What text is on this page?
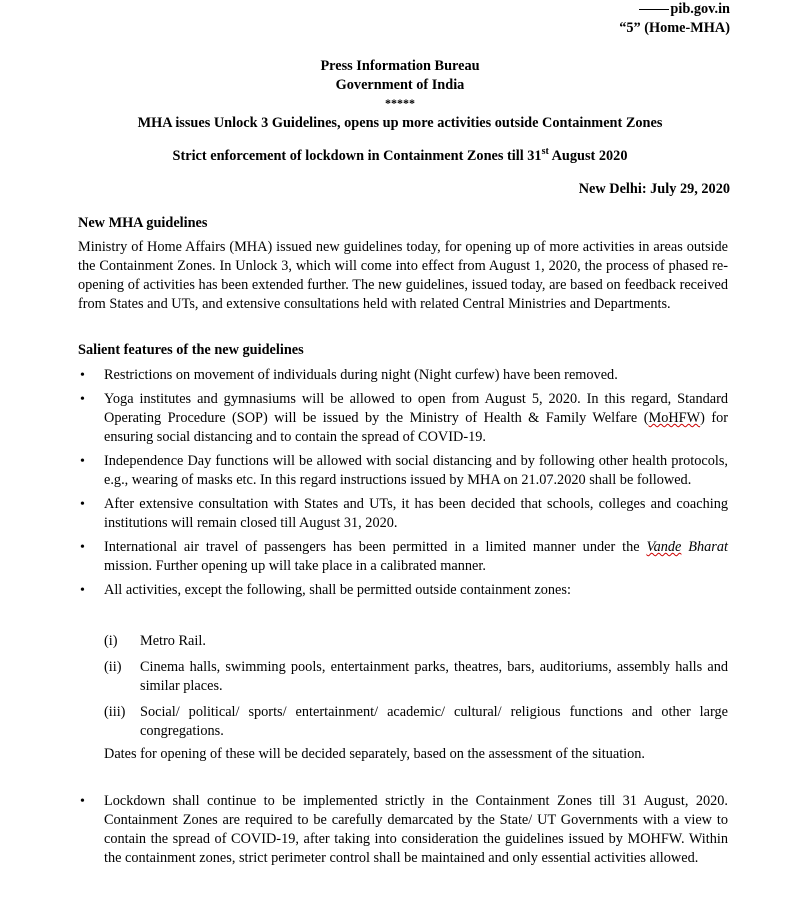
pib.gov.in
“5” (Home-MHA)
Press Information Bureau
Government of India
*****
MHA issues Unlock 3 Guidelines, opens up more activities outside Containment Zones
Strict enforcement of lockdown in Containment Zones till 31st August 2020
New Delhi: July 29, 2020
New MHA guidelines
Ministry of Home Affairs (MHA) issued new guidelines today, for opening up of more activities in areas outside the Containment Zones. In Unlock 3, which will come into effect from August 1, 2020, the process of phased re-opening of activities has been extended further. The new guidelines, issued today, are based on feedback received from States and UTs, and extensive consultations held with related Central Ministries and Departments.
Salient features of the new guidelines
• Restrictions on movement of individuals during night (Night curfew) have been removed.
• Yoga institutes and gymnasiums will be allowed to open from August 5, 2020. In this regard, Standard Operating Procedure (SOP) will be issued by the Ministry of Health & Family Welfare (MoHFW) for ensuring social distancing and to contain the spread of COVID-19.
• Independence Day functions will be allowed with social distancing and by following other health protocols, e.g., wearing of masks etc. In this regard instructions issued by MHA on 21.07.2020 shall be followed.
• After extensive consultation with States and UTs, it has been decided that schools, colleges and coaching institutions will remain closed till August 31, 2020.
• International air travel of passengers has been permitted in a limited manner under the Vande Bharat mission. Further opening up will take place in a calibrated manner.
• All activities, except the following, shall be permitted outside containment zones:
(i) Metro Rail.
(ii) Cinema halls, swimming pools, entertainment parks, theatres, bars, auditoriums, assembly halls and similar places.
(iii) Social/ political/ sports/ entertainment/ academic/ cultural/ religious functions and other large congregations.
Dates for opening of these will be decided separately, based on the assessment of the situation.
• Lockdown shall continue to be implemented strictly in the Containment Zones till 31 August, 2020. Containment Zones are required to be carefully demarcated by the State/ UT Governments with a view to contain the spread of COVID-19, after taking into consideration the guidelines issued by MOHFW. Within the containment zones, strict perimeter control shall be maintained and only essential activities allowed.
